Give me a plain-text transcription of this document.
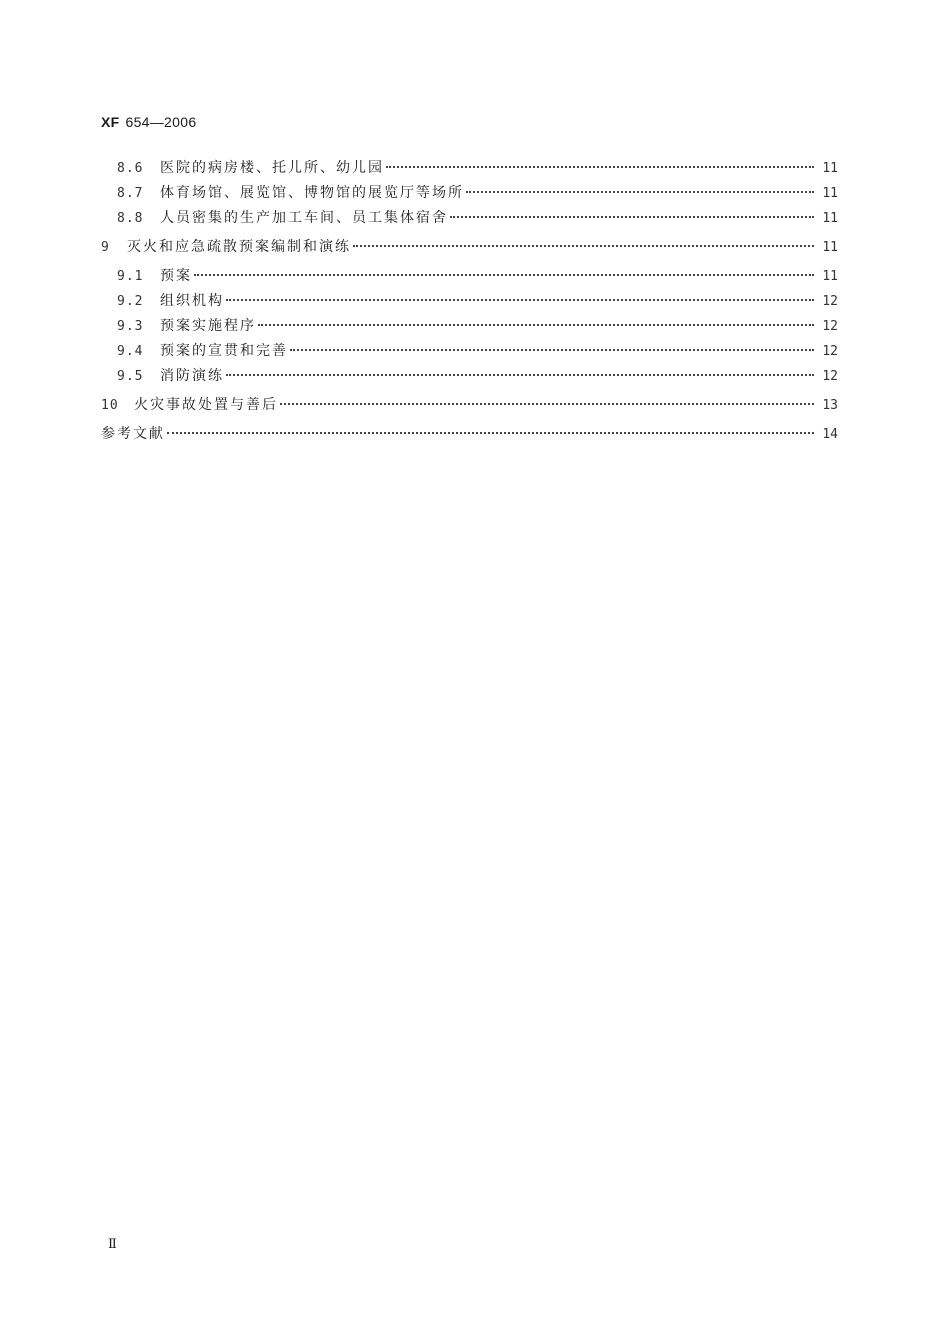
XF 654—2006
8.6	医院的病房楼、托儿所、幼儿园	11
8.7	体育场馆、展览馆、博物馆的展览厅等场所	11
8.8	人员密集的生产加工车间、员工集体宿舍	11
9	灭火和应急疏散预案编制和演练	11
9.1	预案	11
9.2	组织机构	12
9.3	预案实施程序	12
9.4	预案的宣贯和完善	12
9.5	消防演练	12
10	火灾事故处置与善后	13
参考文献	14
Ⅱ
